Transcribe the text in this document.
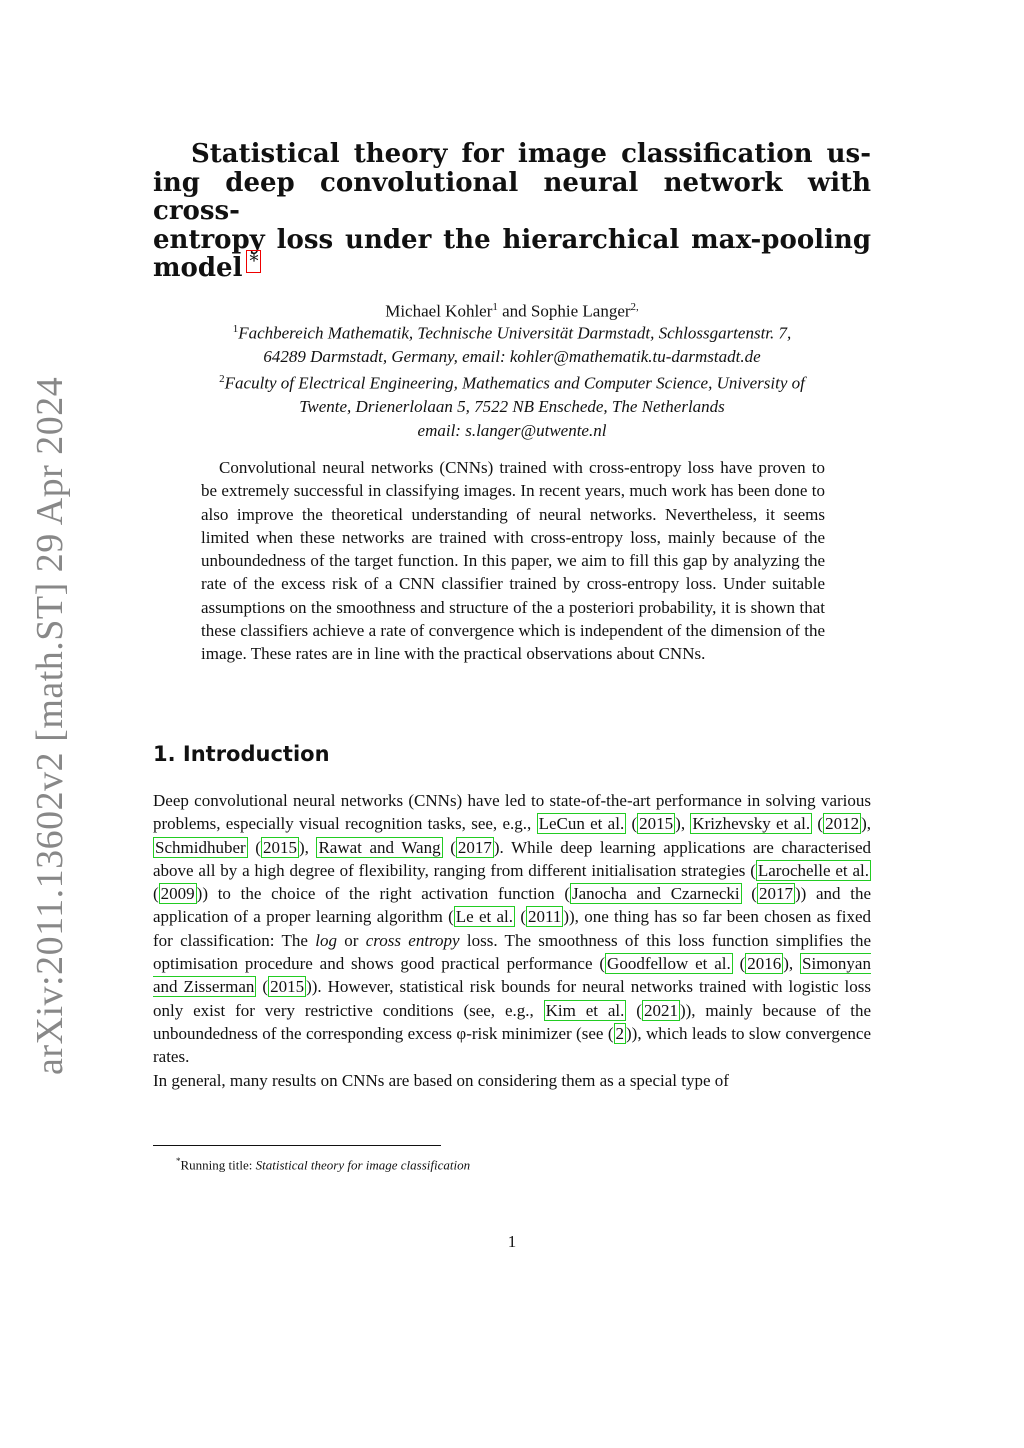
arXiv:2011.13602v2 [math.ST] 29 Apr 2024
Statistical theory for image classification us-
ing deep convolutional neural network with cross-
entropy loss under the hierarchical max-pooling
model *
Michael Kohler$^1$ and Sophie Langer$^{2,}$
$^1$Fachbereich Mathematik, Technische Universität Darmstadt, Schlossgartenstr. 7,
64289 Darmstadt, Germany, email: kohler@mathematik.tu-darmstadt.de
$^2$Faculty of Electrical Engineering, Mathematics and Computer Science, University of
Twente, Drienerlolaan 5, 7522 NB Enschede, The Netherlands
email: s.langer@utwente.nl
Convolutional neural networks (CNNs) trained with cross-entropy loss have proven to be extremely successful in classifying images. In recent years, much work has been done to also improve the theoretical understanding of neural networks. Nevertheless, it seems limited when these networks are trained with cross-entropy loss, mainly because of the unboundedness of the target function. In this paper, we aim to fill this gap by analyzing the rate of the excess risk of a CNN classifier trained by cross-entropy loss. Under suitable assumptions on the smoothness and structure of the a posteriori probability, it is shown that these classifiers achieve a rate of convergence which is independent of the dimension of the image. These rates are in line with the practical observations about CNNs.
1. Introduction
Deep convolutional neural networks (CNNs) have led to state-of-the-art performance in solving various problems, especially visual recognition tasks, see, e.g., LeCun et al. ( 2015 ), Krizhevsky et al. ( 2012 ), Schmidhuber ( 2015 ), Rawat and Wang ( 2017 ). While deep learning applications are characterised above all by a high degree of flexibility, ranging from different initialisation strategies ( Larochelle et al. ( 2009 )) to the choice of the right activation function ( Janocha and Czarnecki ( 2017 )) and the application of a proper learning algorithm ( Le et al. ( 2011 )), one thing has so far been chosen as fixed for classification: The log or cross entropy loss. The smoothness of this loss function simplifies the optimisation procedure and shows good practical performance ( Goodfellow et al. ( 2016 ), Simonyan and Zisserman ( 2015 )). However, statistical risk bounds for neural networks trained with logistic loss only exist for very restrictive conditions (see, e.g., Kim et al. ( 2021 )), mainly because of the unboundedness of the corresponding excess φ-risk minimizer (see ( 2 )), which leads to slow convergence rates.
In general, many results on CNNs are based on considering them as a special type of
*Running title: Statistical theory for image classification
1
